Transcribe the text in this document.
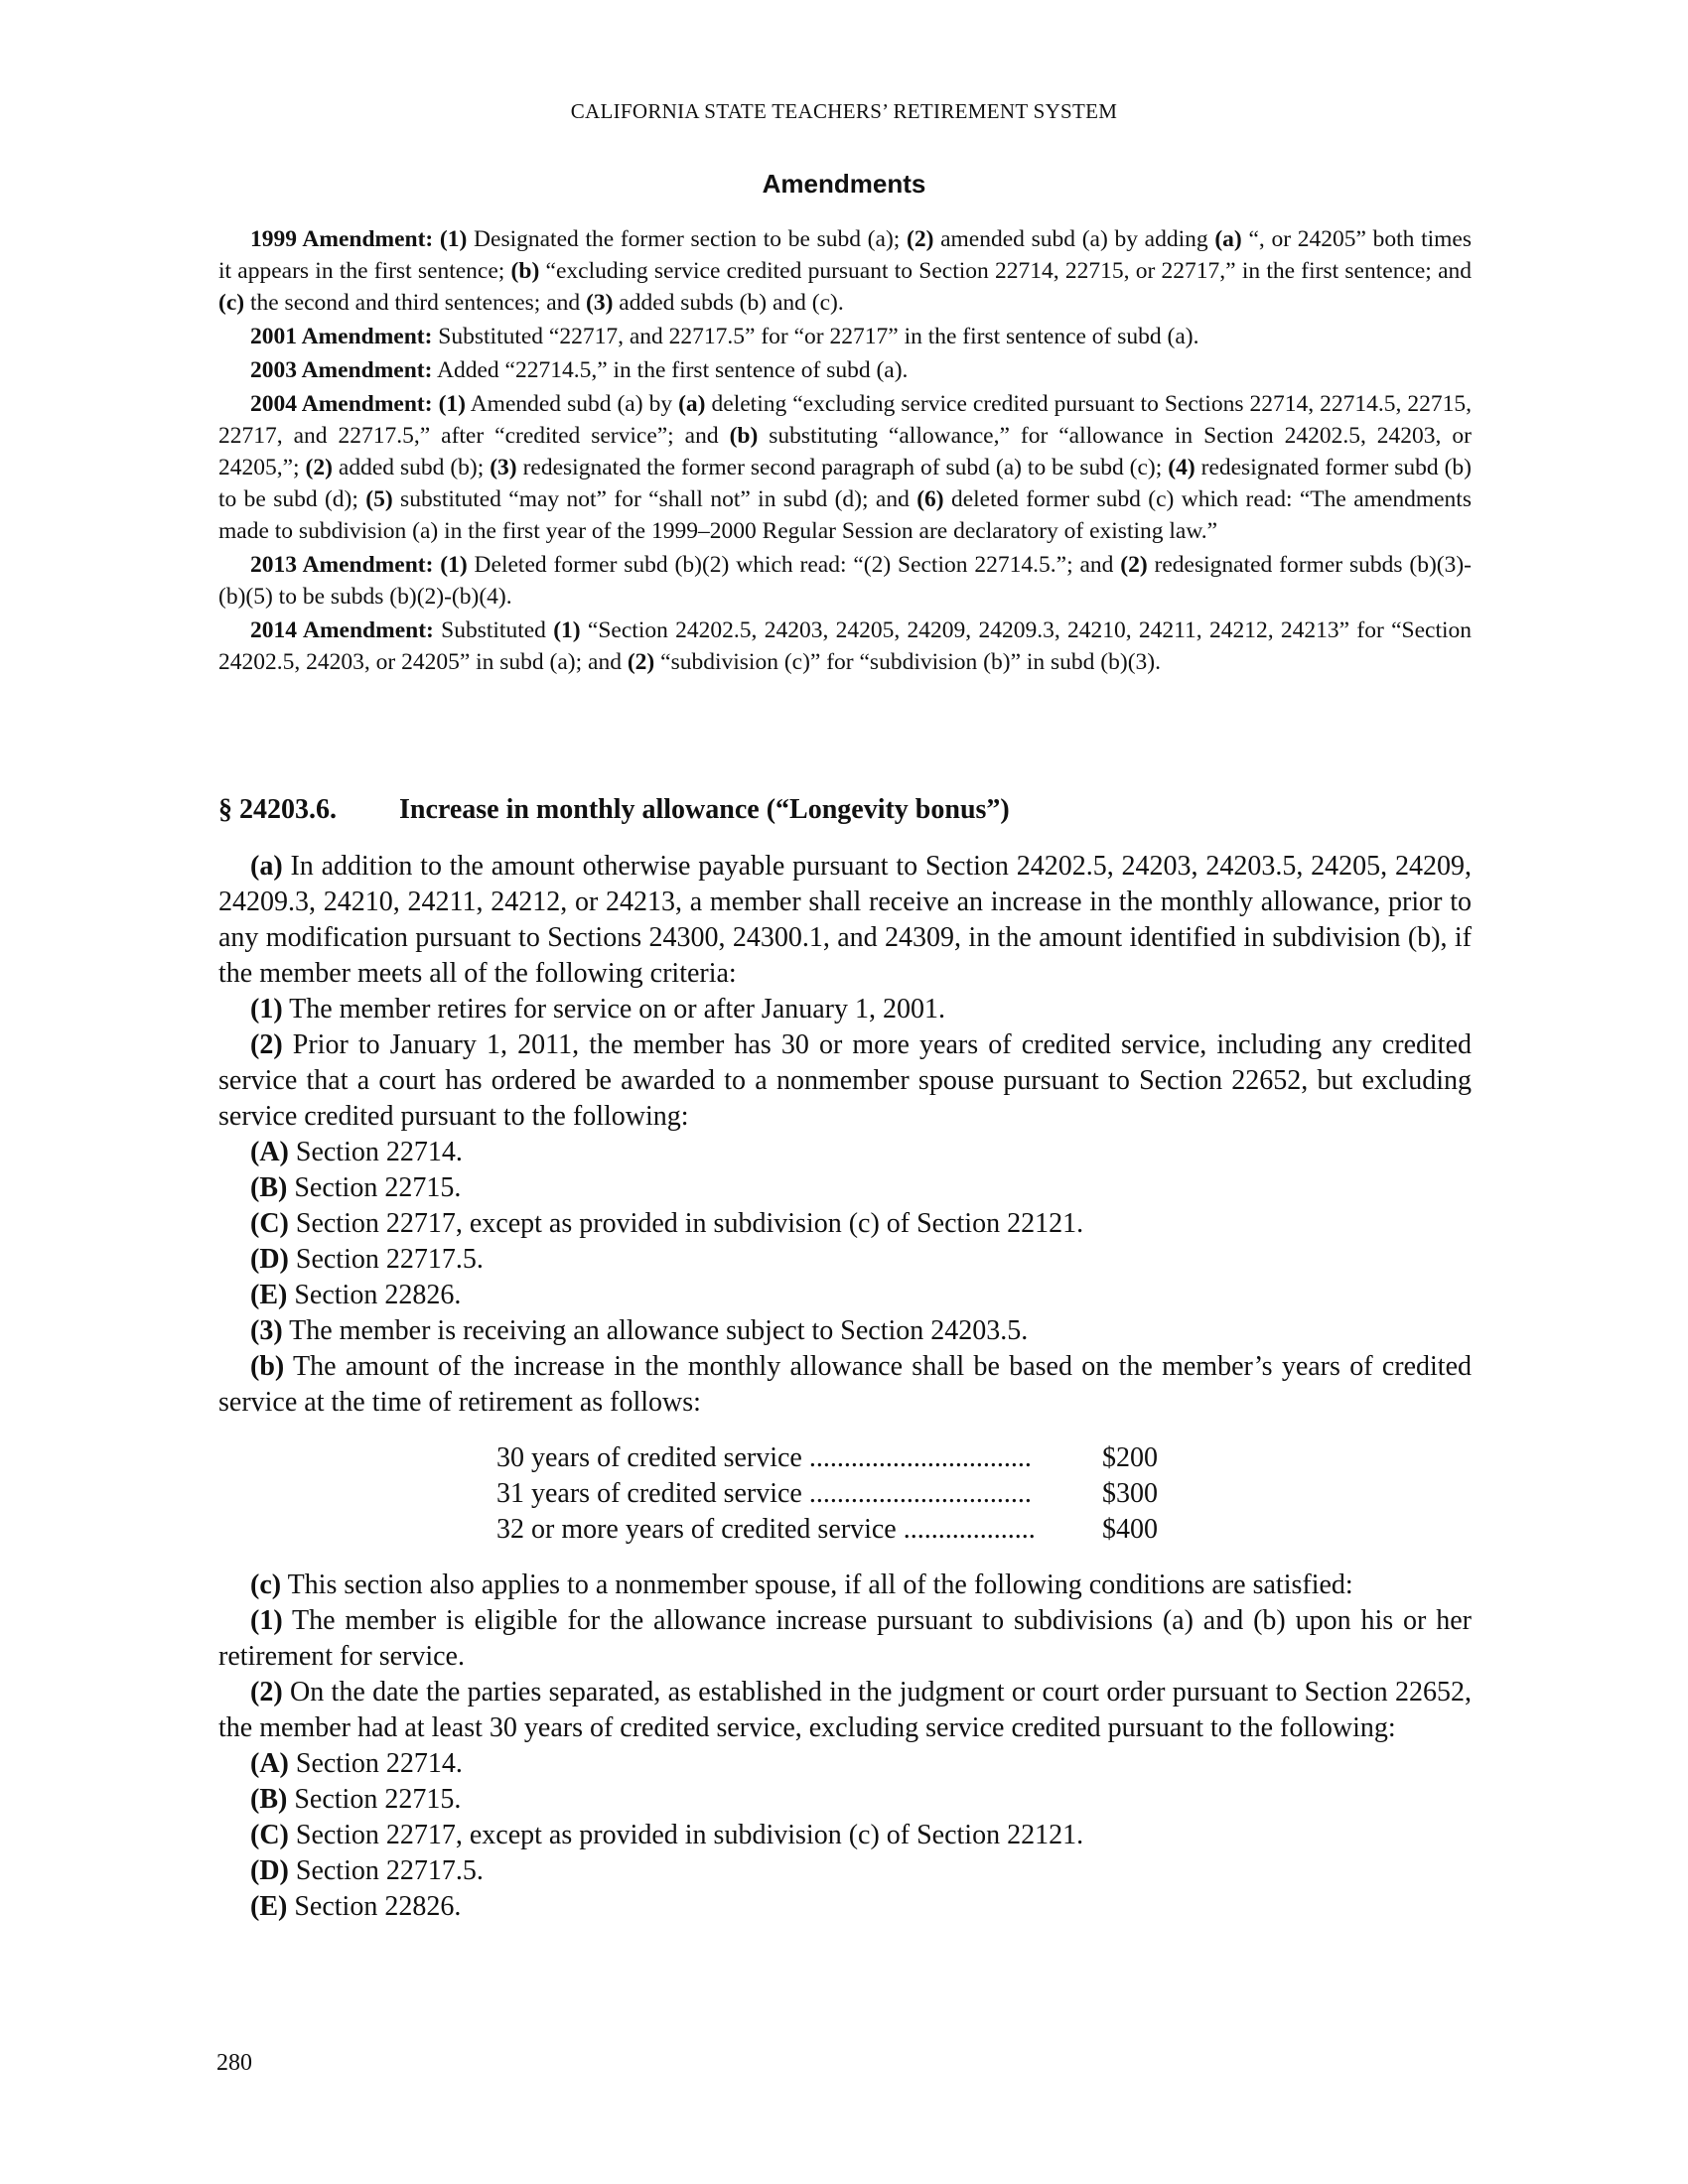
CALIFORNIA STATE TEACHERS’ RETIREMENT SYSTEM
Amendments

1999 Amendment: (1) Designated the former section to be subd (a); (2) amended subd (a) by adding (a) “, or 24205” both times it appears in the first sentence; (b) “excluding service credited pursuant to Section 22714, 22715, or 22717,” in the first sentence; and (c) the second and third sentences; and (3) added subds (b) and (c).

2001 Amendment: Substituted “22717, and 22717.5” for “or 22717” in the first sentence of subd (a).

2003 Amendment: Added “22714.5,” in the first sentence of subd (a).

2004 Amendment: (1) Amended subd (a) by (a) deleting “excluding service credited pursuant to Sections 22714, 22714.5, 22715, 22717, and 22717.5,” after “credited service”; and (b) substituting “allowance,” for “allowance in Section 24202.5, 24203, or 24205,”; (2) added subd (b); (3) redesignated the former second paragraph of subd (a) to be subd (c); (4) redesignated former subd (b) to be subd (d); (5) substituted “may not” for “shall not” in subd (d); and (6) deleted former subd (c) which read: “The amendments made to subdivision (a) in the first year of the 1999–2000 Regular Session are declaratory of existing law.”

2013 Amendment: (1) Deleted former subd (b)(2) which read: “(2) Section 22714.5.”; and (2) redesignated former subds (b)(3)-(b)(5) to be subds (b)(2)-(b)(4).

2014 Amendment: Substituted (1) “Section 24202.5, 24203, 24205, 24209, 24209.3, 24210, 24211, 24212, 24213” for “Section 24202.5, 24203, or 24205” in subd (a); and (2) “subdivision (c)” for “subdivision (b)” in subd (b)(3).

§ 24203.6. Increase in monthly allowance (“Longevity bonus”)

(a) In addition to the amount otherwise payable pursuant to Section 24202.5, 24203, 24203.5, 24205, 24209, 24209.3, 24210, 24211, 24212, or 24213, a member shall receive an increase in the monthly allowance, prior to any modification pursuant to Sections 24300, 24300.1, and 24309, in the amount identified in subdivision (b), if the member meets all of the following criteria:

(1) The member retires for service on or after January 1, 2001.

(2) Prior to January 1, 2011, the member has 30 or more years of credited service, including any credited service that a court has ordered be awarded to a nonmember spouse pursuant to Section 22652, but excluding service credited pursuant to the following:

(A) Section 22714.

(B) Section 22715.

(C) Section 22717, except as provided in subdivision (c) of Section 22121.

(D) Section 22717.5.

(E) Section 22826.

(3) The member is receiving an allowance subject to Section 24203.5.

(b) The amount of the increase in the monthly allowance shall be based on the member’s years of credited service at the time of retirement as follows:

30 years of credited service ................................	$200
31 years of credited service ................................	$300
32 or more years of credited service ...................	$400

(c) This section also applies to a nonmember spouse, if all of the following conditions are satisfied:

(1) The member is eligible for the allowance increase pursuant to subdivisions (a) and (b) upon his or her retirement for service.

(2) On the date the parties separated, as established in the judgment or court order pursuant to Section 22652, the member had at least 30 years of credited service, excluding service credited pursuant to the following:

(A) Section 22714.

(B) Section 22715.

(C) Section 22717, except as provided in subdivision (c) of Section 22121.

(D) Section 22717.5.

(E) Section 22826.

280
